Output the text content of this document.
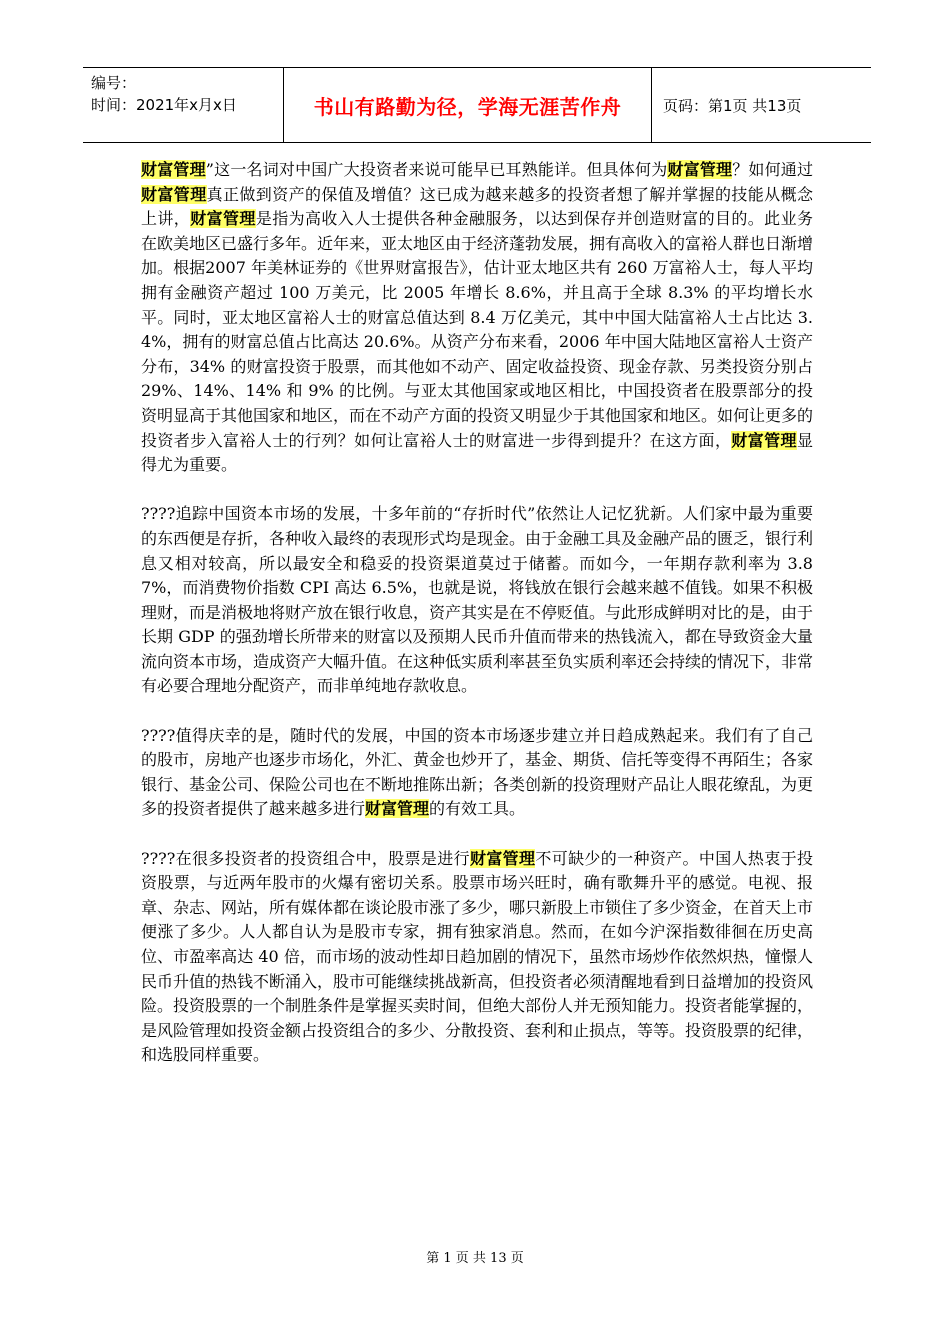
编号：
时间：2021年x月x日	书山有路勤为径，学海无涯苦作舟	页码：第1页 共13页

财富管理”这一名词对中国广大投资者来说可能早已耳熟能详。但具体何为财富管理？如何通过财富管理真正做到资产的保值及增值？这已成为越来越多的投资者想了解并掌握的技能从概念上讲，财富管理是指为高收入人士提供各种金融服务，以达到保存并创造财富的目的。此业务在欧美地区已盛行多年。近年来，亚太地区由于经济蓬勃发展，拥有高收入的富裕人群也日渐增加。根据2007 年美林证券的《世界财富报告》，估计亚太地区共有 260 万富裕人士，每人平均拥有金融资产超过 100 万美元，比 2005 年增长 8.6%，并且高于全球 8.3% 的平均增长水平。同时，亚太地区富裕人士的财富总值达到 8.4 万亿美元，其中中国大陆富裕人士占比达 3.4%，拥有的财富总值占比高达 20.6%。从资产分布来看，2006 年中国大陆地区富裕人士资产分布，34% 的财富投资于股票，而其他如不动产、固定收益投资、现金存款、另类投资分别占29%、14%、14% 和 9% 的比例。与亚太其他国家或地区相比，中国投资者在股票部分的投资明显高于其他国家和地区，而在不动产方面的投资又明显少于其他国家和地区。如何让更多的投资者步入富裕人士的行列？如何让富裕人士的财富进一步得到提升？在这方面，财富管理显得尤为重要。

????追踪中国资本市场的发展，十多年前的“存折时代”依然让人记忆犹新。人们家中最为重要的东西便是存折，各种收入最终的表现形式均是现金。由于金融工具及金融产品的匮乏，银行利息又相对较高，所以最安全和稳妥的投资渠道莫过于储蓄。而如今，一年期存款利率为 3.87%，而消费物价指数 CPI 高达 6.5%，也就是说，将钱放在银行会越来越不值钱。如果不积极理财，而是消极地将财产放在银行收息，资产其实是在不停贬值。与此形成鲜明对比的是，由于长期 GDP 的强劲增长所带来的财富以及预期人民币升值而带来的热钱流入，都在导致资金大量流向资本市场，造成资产大幅升值。在这种低实质利率甚至负实质利率还会持续的情况下，非常有必要合理地分配资产，而非单纯地存款收息。

????值得庆幸的是，随时代的发展，中国的资本市场逐步建立并日趋成熟起来。我们有了自己的股市，房地产也逐步市场化，外汇、黄金也炒开了，基金、期货、信托等变得不再陌生；各家银行、基金公司、保险公司也在不断地推陈出新；各类创新的投资理财产品让人眼花缭乱，为更多的投资者提供了越来越多进行财富管理的有效工具。

????在很多投资者的投资组合中，股票是进行财富管理不可缺少的一种资产。中国人热衷于投资股票，与近两年股市的火爆有密切关系。股票市场兴旺时，确有歌舞升平的感觉。电视、报章、杂志、网站，所有媒体都在谈论股市涨了多少，哪只新股上市锁住了多少资金，在首天上市便涨了多少。人人都自认为是股市专家，拥有独家消息。然而，在如今沪深指数徘徊在历史高位、市盈率高达 40 倍，而市场的波动性却日趋加剧的情况下，虽然市场炒作依然炽热，憧憬人民币升值的热钱不断涌入，股市可能继续挑战新高，但投资者必须清醒地看到日益增加的投资风险。投资股票的一个制胜条件是掌握买卖时间，但绝大部份人并无预知能力。投资者能掌握的，是风险管理如投资金额占投资组合的多少、分散投资、套利和止损点，等等。投资股票的纪律，和选股同样重要。

第 1 页 共 13 页
